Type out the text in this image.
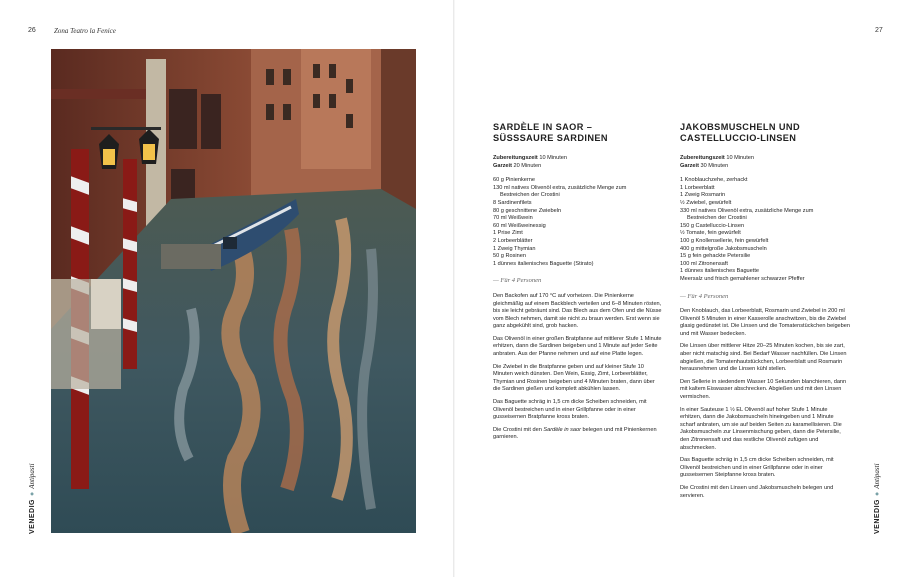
26	Zona Teatro la Fenice
VENEDIG●Antipasti
27
VENEDIG●Antipasti
SARDÈLE IN SAOR –
SÜSSSAURE SARDINEN
Zubereitungszeit 10 Minuten
Garzeit 20 Minuten
60 g Pinienkerne
130 ml natives Olivenöl extra, zusätzliche Menge zum
Bestreichen der Crostini
8 Sardinenfilets
80 g geschnittene Zwiebeln
70 ml Weißwein
60 ml Weißweinessig
1 Prise Zimt
2 Lorbeerblätter
1 Zweig Thymian
50 g Rosinen
1 dünnes italienisches Baguette (Stirato)
— Für 4 Personen

Den Backofen auf 170 °C auf vorheizen. Die Pinienkerne gleichmäßig auf einem Backblech verteilen und 6–8 Minuten rösten, bis sie leicht gebräunt sind. Das Blech aus dem Ofen und die Nüsse vom Blech nehmen, damit sie nicht zu braun werden. Erst wenn sie ganz abgekühlt sind, grob hacken.

Das Olivenöl in einer großen Bratpfanne auf mittlerer Stufe 1 Minute erhitzen, dann die Sardinen beigeben und 1 Minute auf jeder Seite anbraten. Aus der Pfanne nehmen und auf eine Platte legen.

Die Zwiebel in die Bratpfanne geben und auf kleiner Stufe 10 Minuten weich dünsten. Den Wein, Essig, Zimt, Lorbeerblätter, Thymian und Rosinen beigeben und 4 Minuten braten, dann über die Sardinen gießen und komplett abkühlen lassen.

Das Baguette schräg in 1,5 cm dicke Scheiben schneiden, mit Olivenöl bestreichen und in einer Grillpfanne oder in einer gusseisernen Bratpfanne kross braten.

Die Crostini mit den Sardèle in saor belegen und mit Pinienkernen garnieren.

JAKOBSMUSCHELN UND
CASTELLUCCIO-LINSEN
Zubereitungszeit 10 Minuten
Garzeit 30 Minuten
1 Knoblauchzehe, zerhackt
1 Lorbeerblatt
1 Zweig Rosmarin
½ Zwiebel, gewürfelt
330 ml natives Olivenöl extra, zusätzliche Menge zum
Bestreichen der Crostini
150 g Castelluccio-Linsen
½ Tomate, fein gewürfelt
100 g Knollensellerie, fein gewürfelt
400 g mittelgroße Jakobsmuscheln
15 g fein gehackte Petersilie
100 ml Zitronensaft
1 dünnes italienisches Baguette
Meersalz und frisch gemahlener schwarzer Pfeffer
— Für 4 Personen

Den Knoblauch, das Lorbeerblatt, Rosmarin und Zwiebel in 200 ml Olivenöl 5 Minuten in einer Kasserolle anschwitzen, bis die Zwiebel glasig gedünstet ist. Die Linsen und die Tomatenstückchen beigeben und mit Wasser bedecken.

Die Linsen über mittlerer Hitze 20–25 Minuten kochen, bis sie zart, aber nicht matschig sind. Bei Bedarf Wasser nachfüllen. Die Linsen abgießen, die Tomatenhautstückchen, Lorbeerblatt und Rosmarin herausnehmen und die Linsen kühl stellen.

Den Sellerie in siedendem Wasser 10 Sekunden blanchieren, dann mit kaltem Eiswasser abschrecken. Abgießen und mit den Linsen vermischen.

In einer Sauteuse 1 ½ EL Olivenöl auf hoher Stufe 1 Minute erhitzen, dann die Jakobsmuscheln hineingeben und 1 Minute scharf anbraten, um sie auf beiden Seiten zu karamellisieren. Die Jakobsmuscheln zur Linsenmischung geben, dann die Petersilie, den Zitronensaft und das restliche Olivenöl zufügen und abschmecken.

Das Baguette schräg in 1,5 cm dicke Scheiben schneiden, mit Olivenöl bestreichen und in einer Grillpfanne oder in einer gusseisernen Steipfanne kross braten.

Die Crostini mit den Linsen und Jakobsmuscheln belegen und servieren.
